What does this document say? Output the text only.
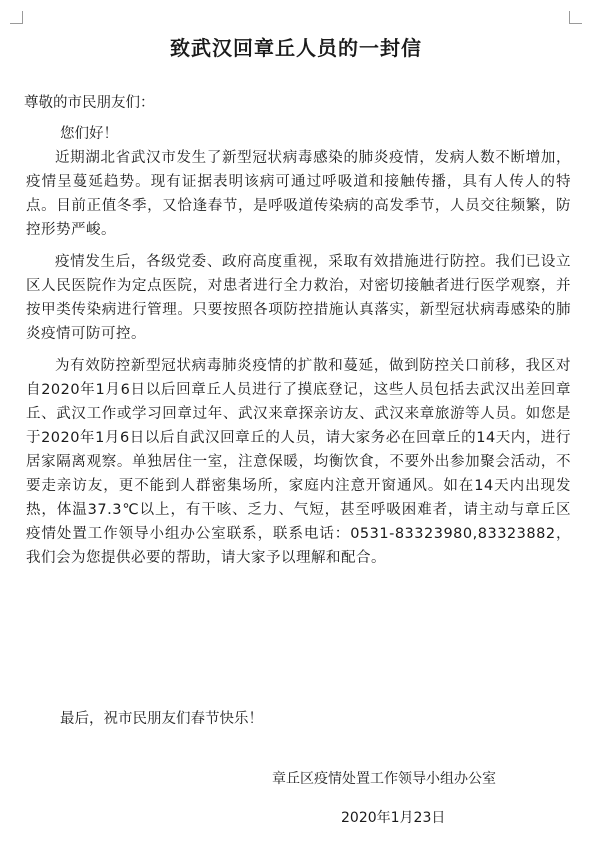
致武汉回章丘人员的一封信
尊敬的市民朋友们：
您们好！

近期湖北省武汉市发生了新型冠状病毒感染的肺炎疫情，发病人数不断增加，疫情呈蔓延趋势。现有证据表明该病可通过呼吸道和接触传播，具有人传人的特点。目前正值冬季，又恰逢春节，是呼吸道传染病的高发季节，人员交往频繁，防控形势严峻。

疫情发生后，各级党委、政府高度重视，采取有效措施进行防控。我们已设立区人民医院作为定点医院，对患者进行全力救治，对密切接触者进行医学观察，并按甲类传染病进行管理。只要按照各项防控措施认真落实，新型冠状病毒感染的肺炎疫情可防可控。

为有效防控新型冠状病毒肺炎疫情的扩散和蔓延，做到防控关口前移，我区对自2020年1月6日以后回章丘人员进行了摸底登记，这些人员包括去武汉出差回章丘、武汉工作或学习回章过年、武汉来章探亲访友、武汉来章旅游等人员。如您是于2020年1月6日以后自武汉回章丘的人员，请大家务必在回章丘的14天内，进行居家隔离观察。单独居住一室，注意保暖，均衡饮食，不要外出参加聚会活动，不要走亲访友，更不能到人群密集场所，家庭内注意开窗通风。如在14天内出现发热，体温37.3℃以上，有干咳、乏力、气短，甚至呼吸困难者，请主动与章丘区疫情处置工作领导小组办公室联系，联系电话：0531-83323980,83323882，我们会为您提供必要的帮助，请大家予以理解和配合。

最后，祝市民朋友们春节快乐！
章丘区疫情处置工作领导小组办公室
2020年1月23日
